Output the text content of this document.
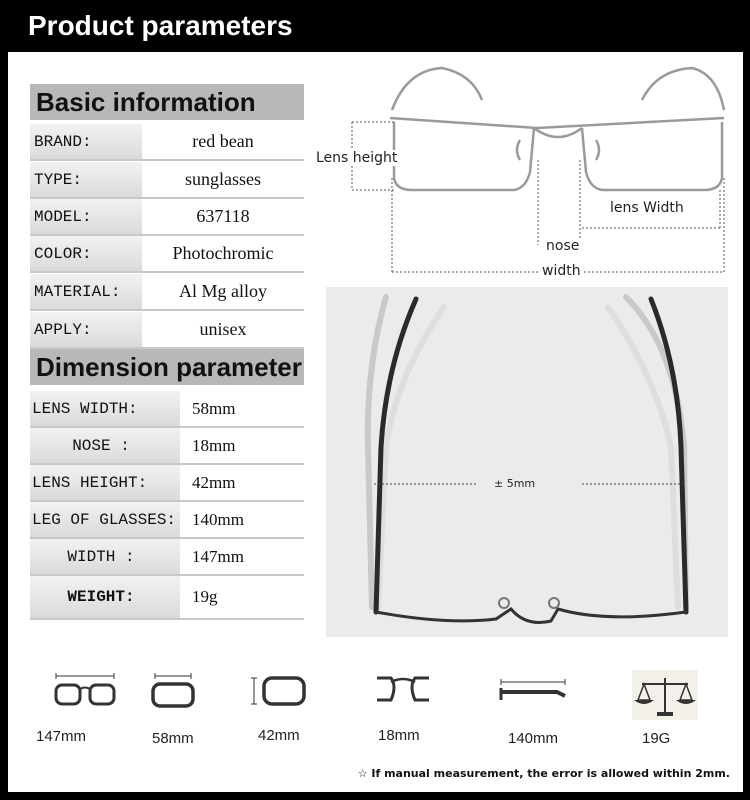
Product parameters
Basic information
BRAND:	red bean
TYPE:	sunglasses
MODEL:	637118
COLOR:	Photochromic
MATERIAL:	Al Mg alloy
APPLY:	unisex
Dimension parameter
LENS WIDTH:	58mm
NOSE :	18mm
LENS HEIGHT:	42mm
LEG OF GLASSES: 140mm
WIDTH :	147mm
WEIGHT:	19g
Lens height
lens Width
nose
width
± 5mm
147mm	58mm	42mm	18mm	140mm	19G
☆ If manual measurement, the error is allowed within 2mm.
